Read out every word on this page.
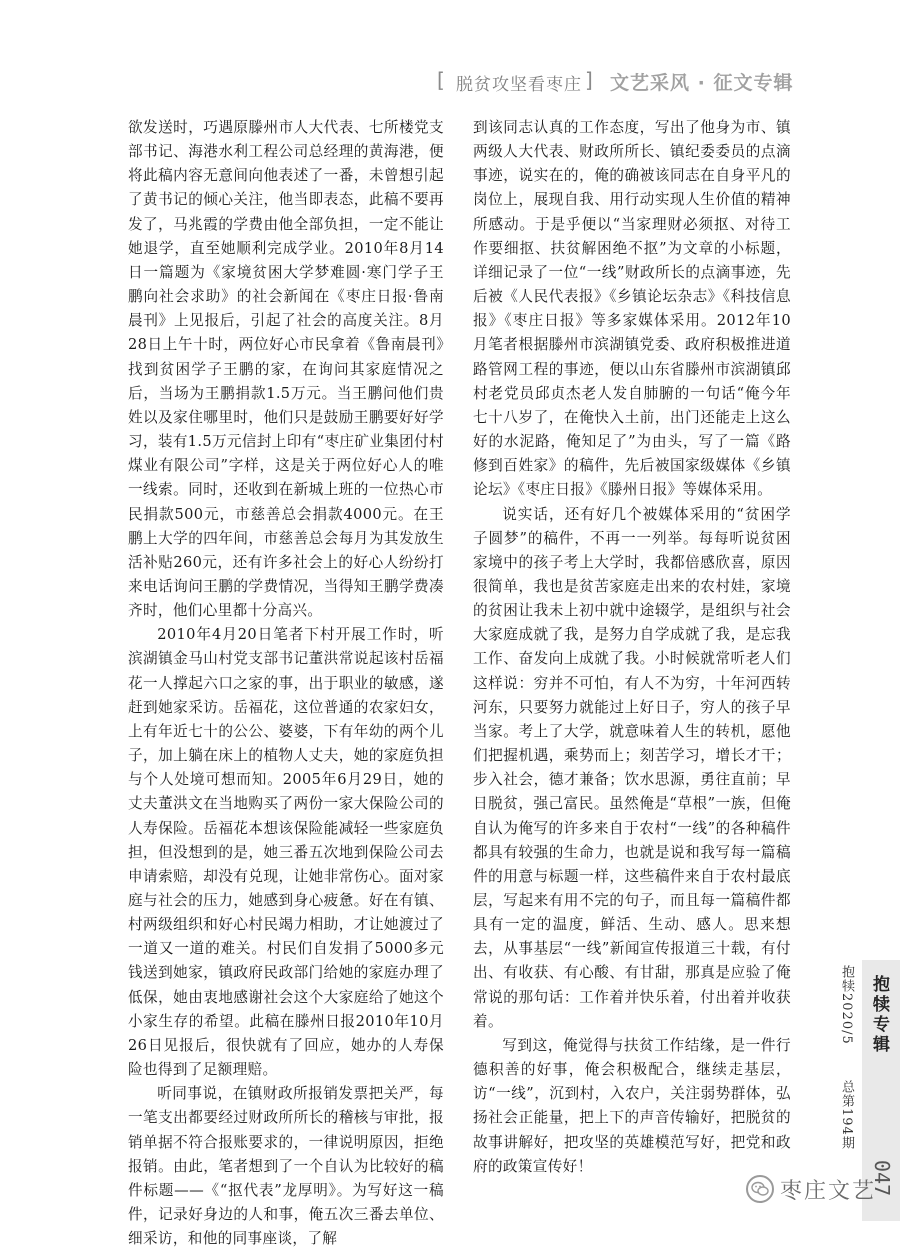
[ 脱贫攻坚看枣庄 ] 文艺采风 · 征文专辑

欲发送时，巧遇原滕州市人大代表、七所楼党支部书记、海港水利工程公司总经理的黄海港，便将此稿内容无意间向他表述了一番，未曾想引起了黄书记的倾心关注，他当即表态，此稿不要再发了，马兆霞的学费由他全部负担，一定不能让她退学，直至她顺利完成学业。2010年8月14日一篇题为《家境贫困大学梦难圆·寒门学子王鹏向社会求助》的社会新闻在《枣庄日报·鲁南晨刊》上见报后，引起了社会的高度关注。8月28日上午十时，两位好心市民拿着《鲁南晨刊》找到贫困学子王鹏的家，在询问其家庭情况之后，当场为王鹏捐款1.5万元。当王鹏问他们贵姓以及家住哪里时，他们只是鼓励王鹏要好好学习，装有1.5万元信封上印有“枣庄矿业集团付村煤业有限公司”字样，这是关于两位好心人的唯一线索。同时，还收到在新城上班的一位热心市民捐款500元，市慈善总会捐款4000元。在王鹏上大学的四年间，市慈善总会每月为其发放生活补贴260元，还有许多社会上的好心人纷纷打来电话询问王鹏的学费情况，当得知王鹏学费凑齐时，他们心里都十分高兴。

2010年4月20日笔者下村开展工作时，听滨湖镇金马山村党支部书记董洪常说起该村岳福花一人撑起六口之家的事，出于职业的敏感，遂赶到她家采访。岳福花，这位普通的农家妇女，上有年近七十的公公、婆婆，下有年幼的两个儿子，加上躺在床上的植物人丈夫，她的家庭负担与个人处境可想而知。2005年6月29日，她的丈夫董洪文在当地购买了两份一家大保险公司的人寿保险。岳福花本想该保险能减轻一些家庭负担，但没想到的是，她三番五次地到保险公司去申请索赔，却没有兑现，让她非常伤心。面对家庭与社会的压力，她感到身心疲惫。好在有镇、村两级组织和好心村民竭力相助，才让她渡过了一道又一道的难关。村民们自发捐了5000多元钱送到她家，镇政府民政部门给她的家庭办理了低保，她由衷地感谢社会这个大家庭给了她这个小家生存的希望。此稿在滕州日报2010年10月26日见报后，很快就有了回应，她办的人寿保险也得到了足额理赔。

听同事说，在镇财政所报销发票把关严，每一笔支出都要经过财政所所长的稽核与审批，报销单据不符合报账要求的，一律说明原因，拒绝报销。由此，笔者想到了一个自认为比较好的稿件标题——《“抠代表”龙厚明》。为写好这一稿件，记录好身边的人和事，俺五次三番去单位、细采访，和他的同事座谈，了解

到该同志认真的工作态度，写出了他身为市、镇两级人大代表、财政所所长、镇纪委委员的点滴事迹，说实在的，俺的确被该同志在自身平凡的岗位上，展现自我、用行动实现人生价值的精神所感动。于是乎便以“当家理财必须抠、对待工作要细抠、扶贫解困绝不抠”为文章的小标题，详细记录了一位“一线”财政所长的点滴事迹，先后被《人民代表报》《乡镇论坛杂志》《科技信息报》《枣庄日报》等多家媒体采用。2012年10月笔者根据滕州市滨湖镇党委、政府积极推进道路管网工程的事迹，便以山东省滕州市滨湖镇邱村老党员邱贞杰老人发自肺腑的一句话“俺今年七十八岁了，在俺快入土前，出门还能走上这么好的水泥路，俺知足了”为由头，写了一篇《路修到百姓家》的稿件，先后被国家级媒体《乡镇论坛》《枣庄日报》《滕州日报》等媒体采用。

说实话，还有好几个被媒体采用的“贫困学子圆梦”的稿件，不再一一列举。每每听说贫困家境中的孩子考上大学时，我都倍感欣喜，原因很简单，我也是贫苦家庭走出来的农村娃，家境的贫困让我未上初中就中途辍学，是组织与社会大家庭成就了我，是努力自学成就了我，是忘我工作、奋发向上成就了我。小时候就常听老人们这样说：穷并不可怕，有人不为穷，十年河西转河东，只要努力就能过上好日子，穷人的孩子早当家。考上了大学，就意味着人生的转机，愿他们把握机遇，乘势而上；刻苦学习，增长才干；步入社会，德才兼备；饮水思源，勇往直前；早日脱贫，强己富民。虽然俺是“草根”一族，但俺自认为俺写的许多来自于农村“一线”的各种稿件都具有较强的生命力，也就是说和我写每一篇稿件的用意与标题一样，这些稿件来自于农村最底层，写起来有用不完的句子，而且每一篇稿件都具有一定的温度，鲜活、生动、感人。思来想去，从事基层“一线”新闻宣传报道三十载，有付出、有收获、有心酸、有甘甜，那真是应验了俺常说的那句话：工作着并快乐着，付出着并收获着。

写到这，俺觉得与扶贫工作结缘，是一件行德积善的好事，俺会积极配合，继续走基层，访“一线”，沉到村，入农户，关注弱势群体，弘扬社会正能量，把上下的声音传输好，把脱贫的故事讲解好，把攻坚的英雄模范写好，把党和政府的政策宣传好！

抱犊2020/5
总第194期
抱犊专辑
047
枣庄文艺
